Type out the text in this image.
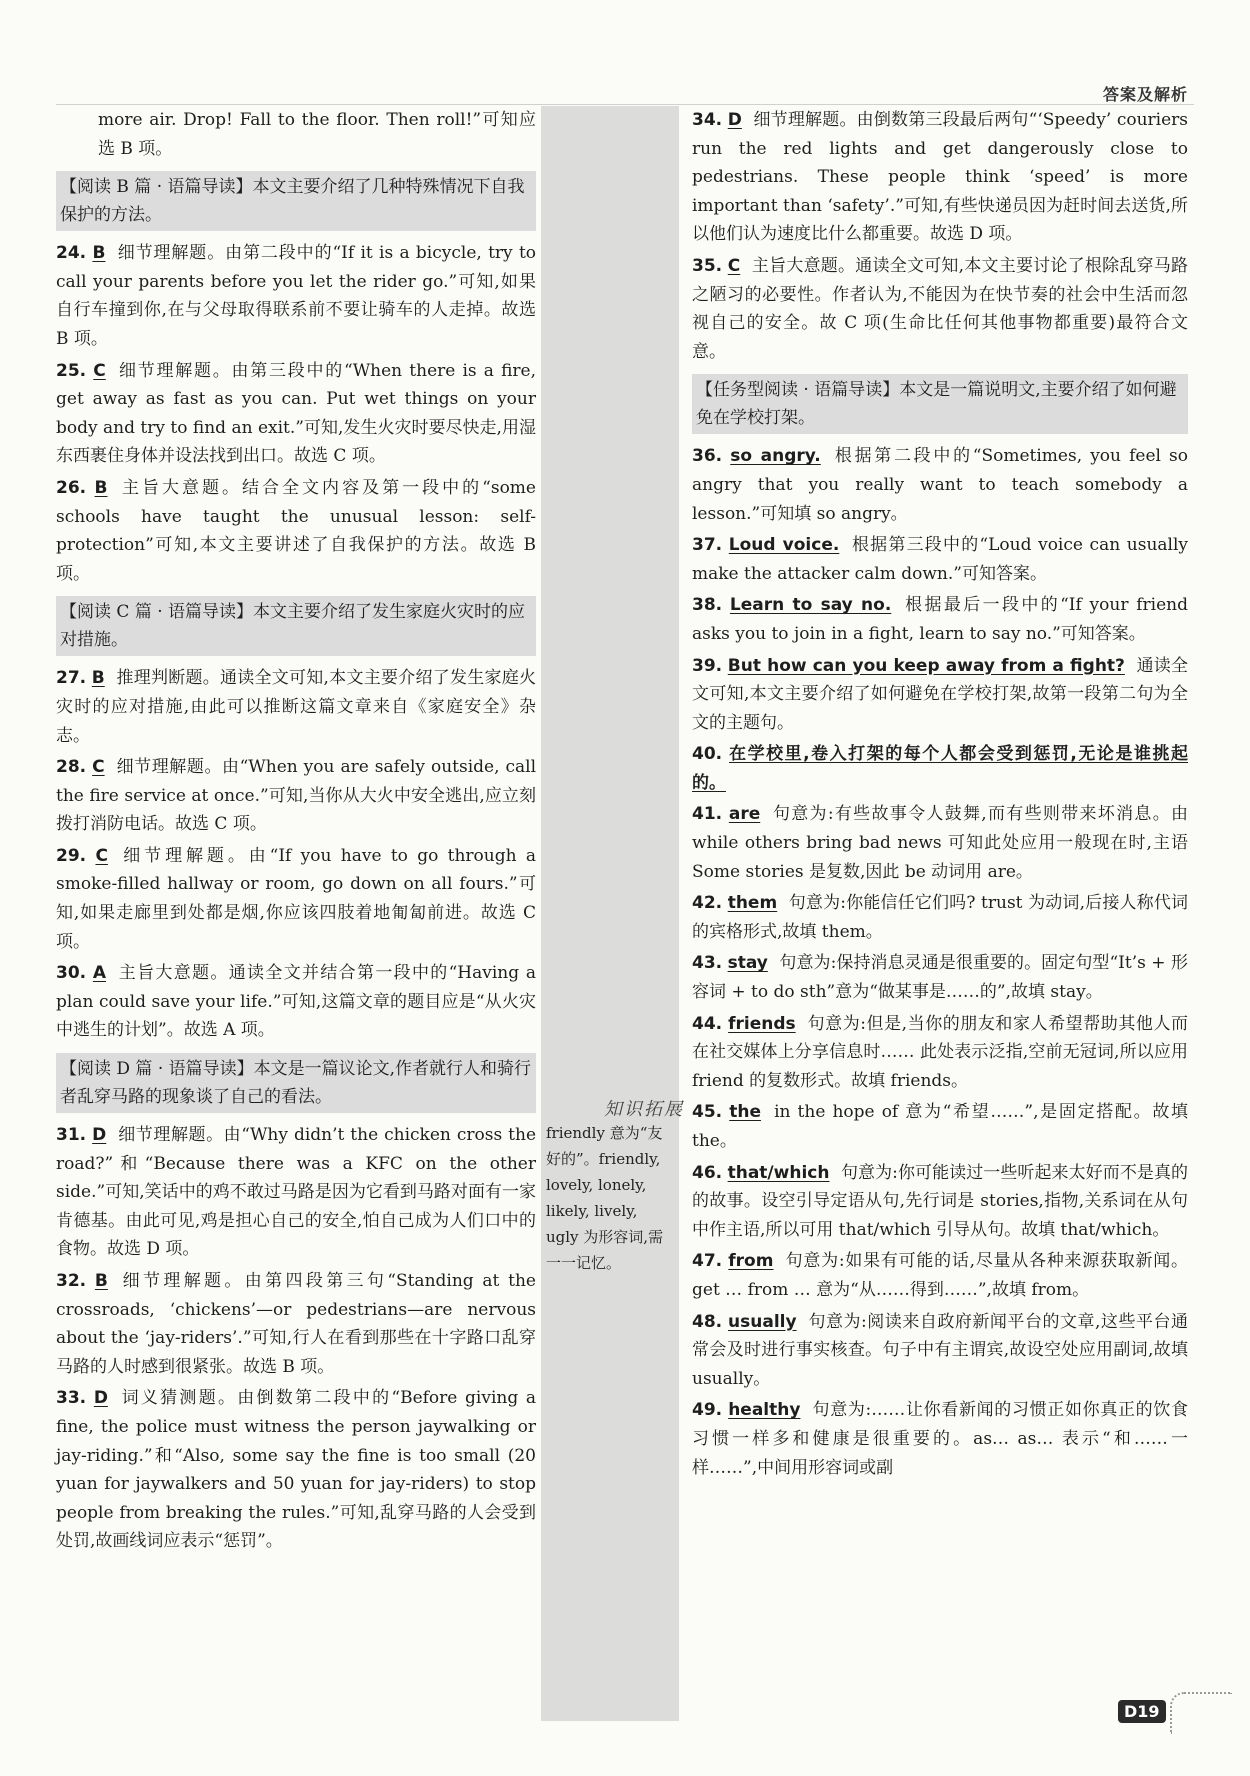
答案及解析
知识拓展
friendly 意为“友好的”。friendly, lovely, lonely, likely, lively, ugly 为形容词,需一一记忆。
more air. Drop! Fall to the floor. Then roll!”可知应选 B 项。
【阅读 B 篇 · 语篇导读】本文主要介绍了几种特殊情况下自我保护的方法。
24. B 细节理解题。由第二段中的“If it is a bicycle, try to call your parents before you let the rider go.”可知,如果自行车撞到你,在与父母取得联系前不要让骑车的人走掉。故选 B 项。
25. C 细节理解题。由第三段中的“When there is a fire, get away as fast as you can. Put wet things on your body and try to find an exit.”可知,发生火灾时要尽快走,用湿东西裹住身体并设法找到出口。故选 C 项。
26. B 主旨大意题。结合全文内容及第一段中的“some schools have taught the unusual lesson: self-protection”可知,本文主要讲述了自我保护的方法。故选 B 项。
【阅读 C 篇 · 语篇导读】本文主要介绍了发生家庭火灾时的应对措施。
27. B 推理判断题。通读全文可知,本文主要介绍了发生家庭火灾时的应对措施,由此可以推断这篇文章来自《家庭安全》杂志。
28. C 细节理解题。由“When you are safely outside, call the fire service at once.”可知,当你从大火中安全逃出,应立刻拨打消防电话。故选 C 项。
29. C 细节理解题。由“If you have to go through a smoke-filled hallway or room, go down on all fours.”可知,如果走廊里到处都是烟,你应该四肢着地匍匐前进。故选 C 项。
30. A 主旨大意题。通读全文并结合第一段中的“Having a plan could save your life.”可知,这篇文章的题目应是“从火灾中逃生的计划”。故选 A 项。
【阅读 D 篇 · 语篇导读】本文是一篇议论文,作者就行人和骑行者乱穿马路的现象谈了自己的看法。
31. D 细节理解题。由“Why didn’t the chicken cross the road?”和“Because there was a KFC on the other side.”可知,笑话中的鸡不敢过马路是因为它看到马路对面有一家肯德基。由此可见,鸡是担心自己的安全,怕自己成为人们口中的食物。故选 D 项。
32. B 细节理解题。由第四段第三句“Standing at the crossroads, ‘chickens’—or pedestrians—are nervous about the ‘jay-riders’.”可知,行人在看到那些在十字路口乱穿马路的人时感到很紧张。故选 B 项。
33. D 词义猜测题。由倒数第二段中的“Before giving a fine, the police must witness the person jaywalking or jay-riding.”和“Also, some say the fine is too small (20 yuan for jaywalkers and 50 yuan for jay-riders) to stop people from breaking the rules.”可知,乱穿马路的人会受到处罚,故画线词应表示“惩罚”。
34. D 细节理解题。由倒数第三段最后两句“‘Speedy’ couriers run the red lights and get dangerously close to pedestrians. These people think ‘speed’ is more important than ‘safety’.”可知,有些快递员因为赶时间去送货,所以他们认为速度比什么都重要。故选 D 项。
35. C 主旨大意题。通读全文可知,本文主要讨论了根除乱穿马路之陋习的必要性。作者认为,不能因为在快节奏的社会中生活而忽视自己的安全。故 C 项(生命比任何其他事物都重要)最符合文意。
【任务型阅读 · 语篇导读】本文是一篇说明文,主要介绍了如何避免在学校打架。
36. so angry. 根据第二段中的“Sometimes, you feel so angry that you really want to teach somebody a lesson.”可知填 so angry。
37. Loud voice. 根据第三段中的“Loud voice can usually make the attacker calm down.”可知答案。
38. Learn to say no. 根据最后一段中的“If your friend asks you to join in a fight, learn to say no.”可知答案。
39. But how can you keep away from a fight? 通读全文可知,本文主要介绍了如何避免在学校打架,故第一段第二句为全文的主题句。
40. 在学校里,卷入打架的每个人都会受到惩罚,无论是谁挑起的。
41. are 句意为:有些故事令人鼓舞,而有些则带来坏消息。由 while others bring bad news 可知此处应用一般现在时,主语 Some stories 是复数,因此 be 动词用 are。
42. them 句意为:你能信任它们吗? trust 为动词,后接人称代词的宾格形式,故填 them。
43. stay 句意为:保持消息灵通是很重要的。固定句型“It’s + 形容词 + to do sth”意为“做某事是……的”,故填 stay。
44. friends 句意为:但是,当你的朋友和家人希望帮助其他人而在社交媒体上分享信息时…… 此处表示泛指,空前无冠词,所以应用 friend 的复数形式。故填 friends。
45. the in the hope of 意为“希望……”,是固定搭配。故填 the。
46. that/which 句意为:你可能读过一些听起来太好而不是真的的故事。设空引导定语从句,先行词是 stories,指物,关系词在从句中作主语,所以可用 that/which 引导从句。故填 that/which。
47. from 句意为:如果有可能的话,尽量从各种来源获取新闻。get … from … 意为“从……得到……”,故填 from。
48. usually 句意为:阅读来自政府新闻平台的文章,这些平台通常会及时进行事实核查。句子中有主谓宾,故设空处应用副词,故填 usually。
49. healthy 句意为:……让你看新闻的习惯正如你真正的饮食习惯一样多和健康是很重要的。as… as… 表示“和……一样……”,中间用形容词或副
D19
